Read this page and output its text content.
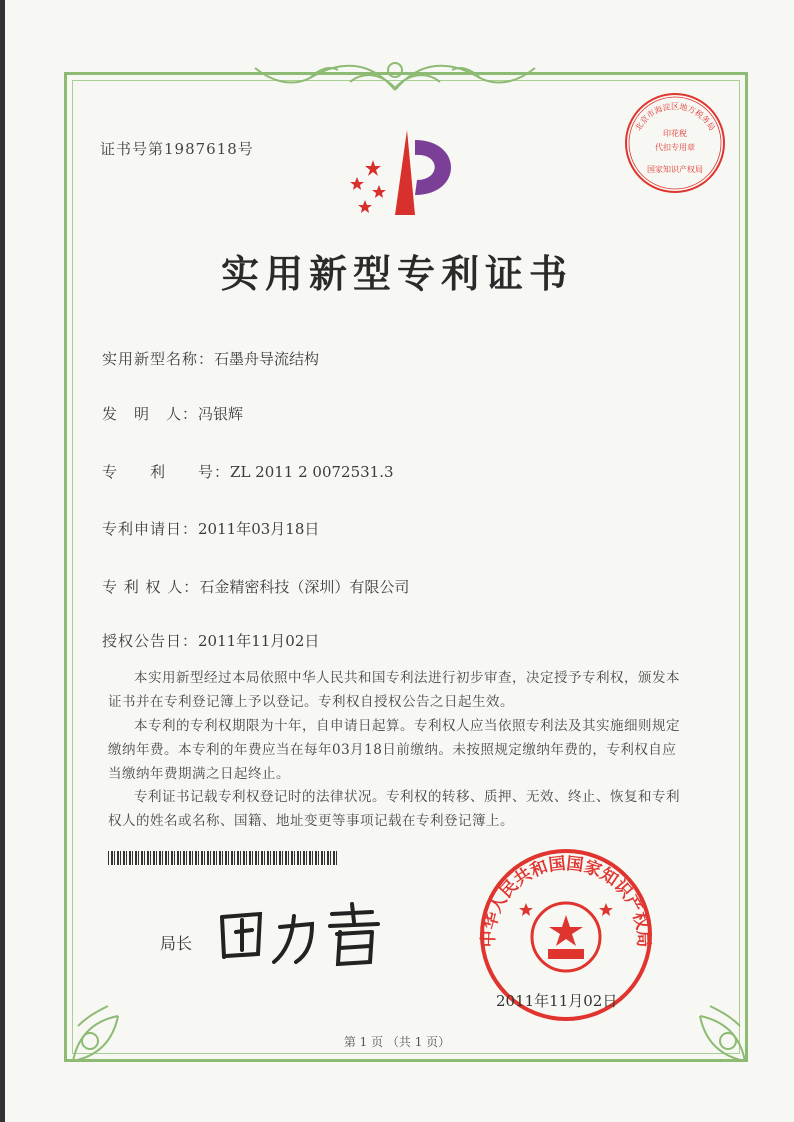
证书号第1987618号
北京市海淀区地方税务局
印花税
代扣专用章
国家知识产权局
实用新型专利证书
实用新型名称：石墨舟导流结构
发　明　人：冯银辉
专　　利　　号：ZL 2011 2 0072531.3
专利申请日：2011年03月18日
专 利 权 人：石金精密科技（深圳）有限公司
授权公告日：2011年11月02日
本实用新型经过本局依照中华人民共和国专利法进行初步审查，决定授予专利权，颁发本证书并在专利登记簿上予以登记。专利权自授权公告之日起生效。
本专利的专利权期限为十年，自申请日起算。专利权人应当依照专利法及其实施细则规定缴纳年费。本专利的年费应当在每年03月18日前缴纳。未按照规定缴纳年费的，专利权自应当缴纳年费期满之日起终止。
专利证书记载专利权登记时的法律状况。专利权的转移、质押、无效、终止、恢复和专利权人的姓名或名称、国籍、地址变更等事项记载在专利登记簿上。
局长	中华人民共和国国家知识产权局
2011年11月02日
第 1 页 （共 1 页）
